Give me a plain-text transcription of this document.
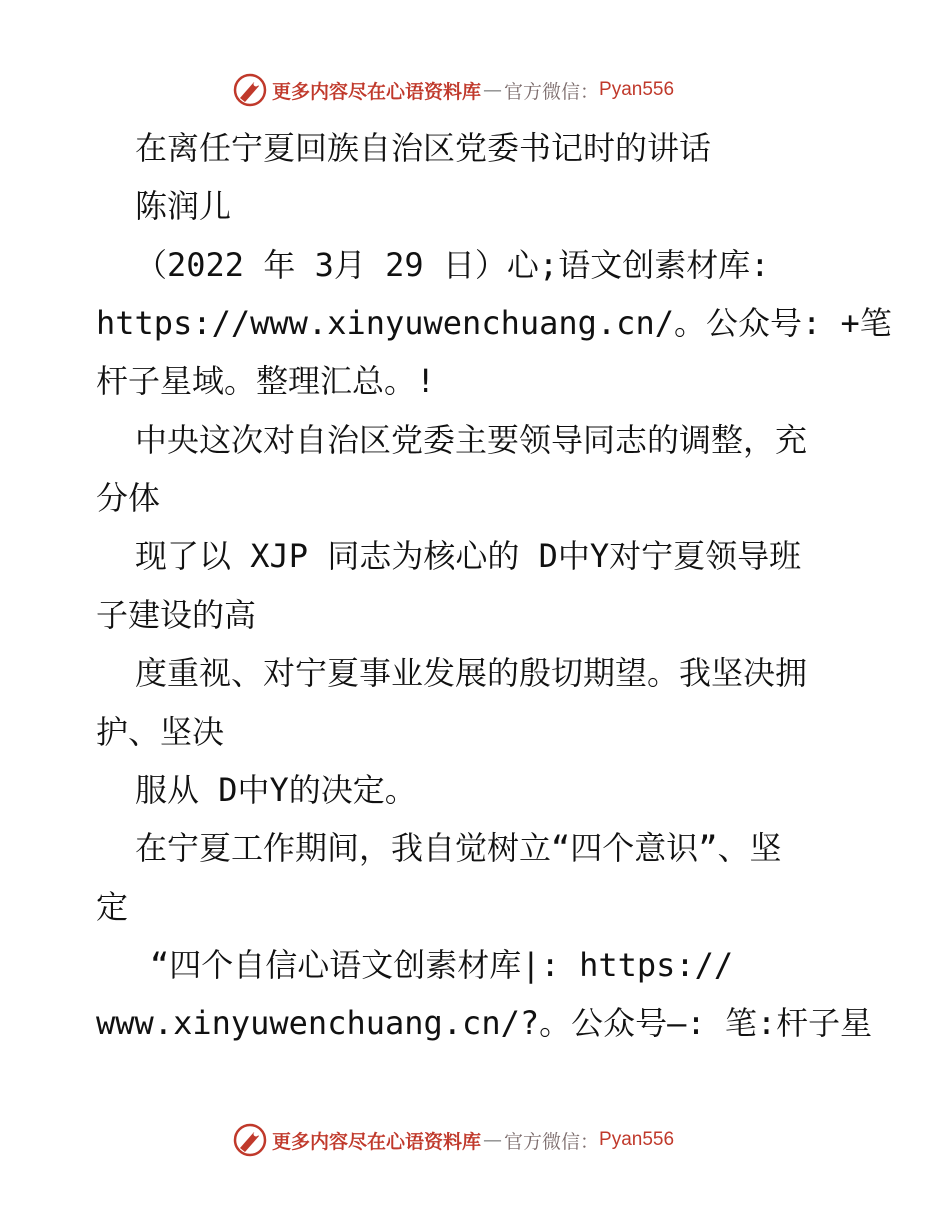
更多内容尽在心语资料库 — 官方微信： Pyan556
在离任宁夏回族自治区党委书记时的讲话
陈润儿
（2022 年 3月 29 日）心;语文创素材库:
https://www.xinyuwenchuang.cn/。公众号: +笔
杆子星域。整理汇总。!
中央这次对自治区党委主要领导同志的调整，充
分体
现了以 XJP 同志为核心的 D中Y对宁夏领导班
子建设的高
度重视、对宁夏事业发展的殷切期望。我坚决拥
护、坚决
服从 D中Y的决定。
在宁夏工作期间，我自觉树立“四个意识”、坚
定
“四个自信心语文创素材库|: https://
www.xinyuwenchuang.cn/?。公众号—: 笔:杆子星
更多内容尽在心语资料库 — 官方微信： Pyan556
